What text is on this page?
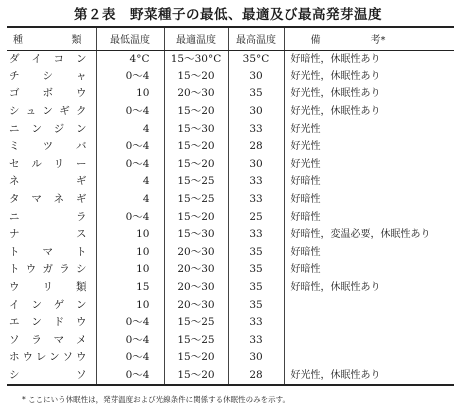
第２表　野菜種子の最低、最適及び最高発芽温度
種　　　類	最低温度	最適温度	最高温度	備　　　　　考*
ダイコン	4°C	15〜30°C	35°C	好暗性，休眠性あり
チシャ	0〜4	15〜20	30	好光性，休眠性あり
ゴボウ	10	20〜30	35	好光性，休眠性あり
シュンギク	0〜4	15〜20	30	好光性，休眠性あり
ニンジン	4	15〜30	33	好光性
ミツバ	0〜4	15〜20	28	好光性
セルリー	0〜4	15〜20	30	好光性
ネギ	4	15〜25	33	好暗性
タマネギ	4	15〜25	33	好暗性
ニラ	0〜4	15〜20	25	好暗性
ナス	10	15〜30	33	好暗性，変温必要，休眠性あり
トマト	10	20〜30	35	好暗性
トウガラシ	10	20〜30	35	好暗性
ウリ類	15	20〜30	35	好暗性，休眠性あり
インゲン	10	20〜30	35	
エンドウ	0〜4	15〜25	33	
ソラマメ	0〜4	15〜25	33	
ホウレンソウ	0〜4	15〜20	30	
シソ	0〜4	15〜20	28	好光性，休眠性あり
* ここにいう休眠性は，発芽温度および光線条件に関係する休眠性のみを示す。
